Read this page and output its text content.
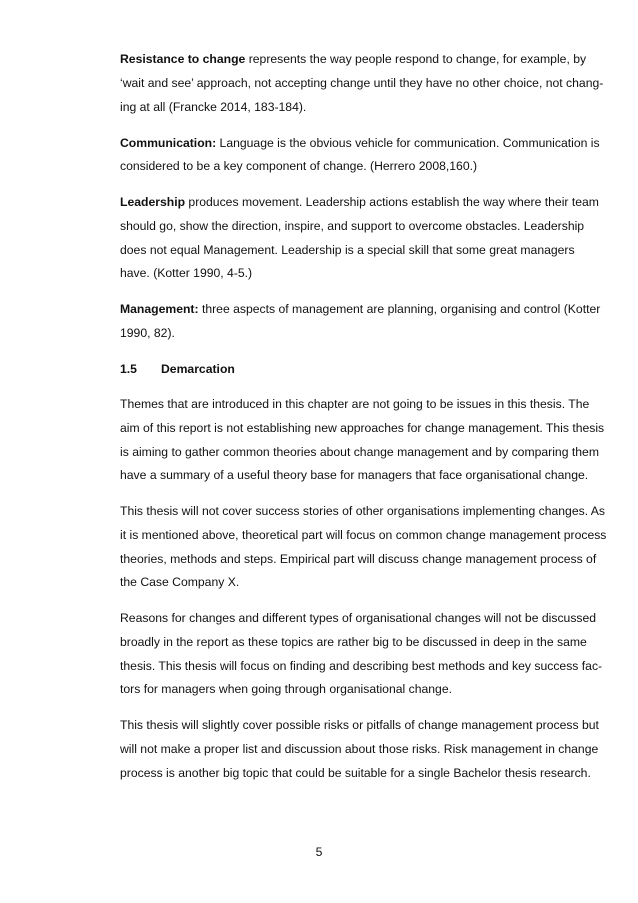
Resistance to change represents the way people respond to change, for example, by

‘wait and see’ approach, not accepting change until they have no other choice, not chang-

ing at all (Francke 2014, 183-184).

Communication: Language is the obvious vehicle for communication. Communication is

considered to be a key component of change. (Herrero 2008,160.)

Leadership produces movement. Leadership actions establish the way where their team

should go, show the direction, inspire, and support to overcome obstacles. Leadership

does not equal Management. Leadership is a special skill that some great managers

have. (Kotter 1990, 4-5.)

Management: three aspects of management are planning, organising and control (Kotter

1990, 82).

1.5 Demarcation

Themes that are introduced in this chapter are not going to be issues in this thesis. The

aim of this report is not establishing new approaches for change management. This thesis

is aiming to gather common theories about change management and by comparing them

have a summary of a useful theory base for managers that face organisational change.

This thesis will not cover success stories of other organisations implementing changes. As

it is mentioned above, theoretical part will focus on common change management process

theories, methods and steps. Empirical part will discuss change management process of

the Case Company X.

Reasons for changes and different types of organisational changes will not be discussed

broadly in the report as these topics are rather big to be discussed in deep in the same

thesis. This thesis will focus on finding and describing best methods and key success fac-

tors for managers when going through organisational change.

This thesis will slightly cover possible risks or pitfalls of change management process but

will not make a proper list and discussion about those risks. Risk management in change

process is another big topic that could be suitable for a single Bachelor thesis research.

5
